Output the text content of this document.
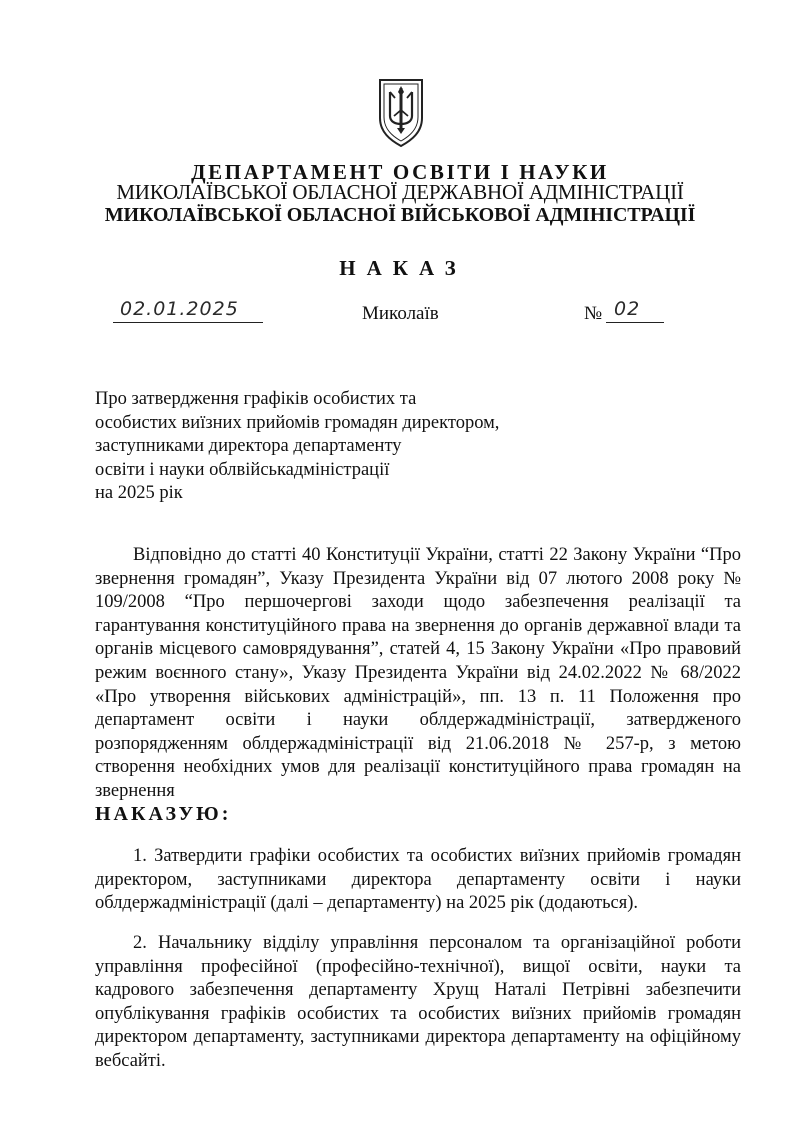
ДЕПАРТАМЕНТ ОСВІТИ І НАУКИ
МИКОЛАЇВСЬКОЇ ОБЛАСНОЇ ДЕРЖАВНОЇ АДМІНІСТРАЦІЇ
МИКОЛАЇВСЬКОЇ ОБЛАСНОЇ ВІЙСЬКОВОЇ АДМІНІСТРАЦІЇ
НАКАЗ
02.01.2025	Миколаїв	№ 02
Про затвердження графіків особистих та
особистих виїзних прийомів громадян директором,
заступниками директора департаменту
освіти і науки облвійськадміністрації
на 2025 рік
Відповідно до статті 40 Конституції України, статті 22 Закону України “Про звернення громадян”, Указу Президента України від 07 лютого 2008 року № 109/2008 “Про першочергові заходи щодо забезпечення реалізації та гарантування конституційного права на звернення до органів державної влади та органів місцевого самоврядування”, статей 4, 15 Закону України «Про правовий режим воєнного стану», Указу Президента України від 24.02.2022 № 68/2022 «Про утворення військових адміністрацій», пп. 13 п. 11 Положення про департамент освіти і науки облдержадміністрації, затвердженого розпорядженням облдержадміністрації від 21.06.2018 № 257-р, з метою створення необхідних умов для реалізації конституційного права громадян на звернення
НАКАЗУЮ:
1. Затвердити графіки особистих та особистих виїзних прийомів громадян директором, заступниками директора департаменту освіти і науки облдержадміністрації (далі – департаменту) на 2025 рік (додаються).
2. Начальнику відділу управління персоналом та організаційної роботи управління професійної (професійно-технічної), вищої освіти, науки та кадрового забезпечення департаменту Хрущ Наталі Петрівні забезпечити опублікування графіків особистих та особистих виїзних прийомів громадян директором департаменту, заступниками директора департаменту на офіційному вебсайті.
